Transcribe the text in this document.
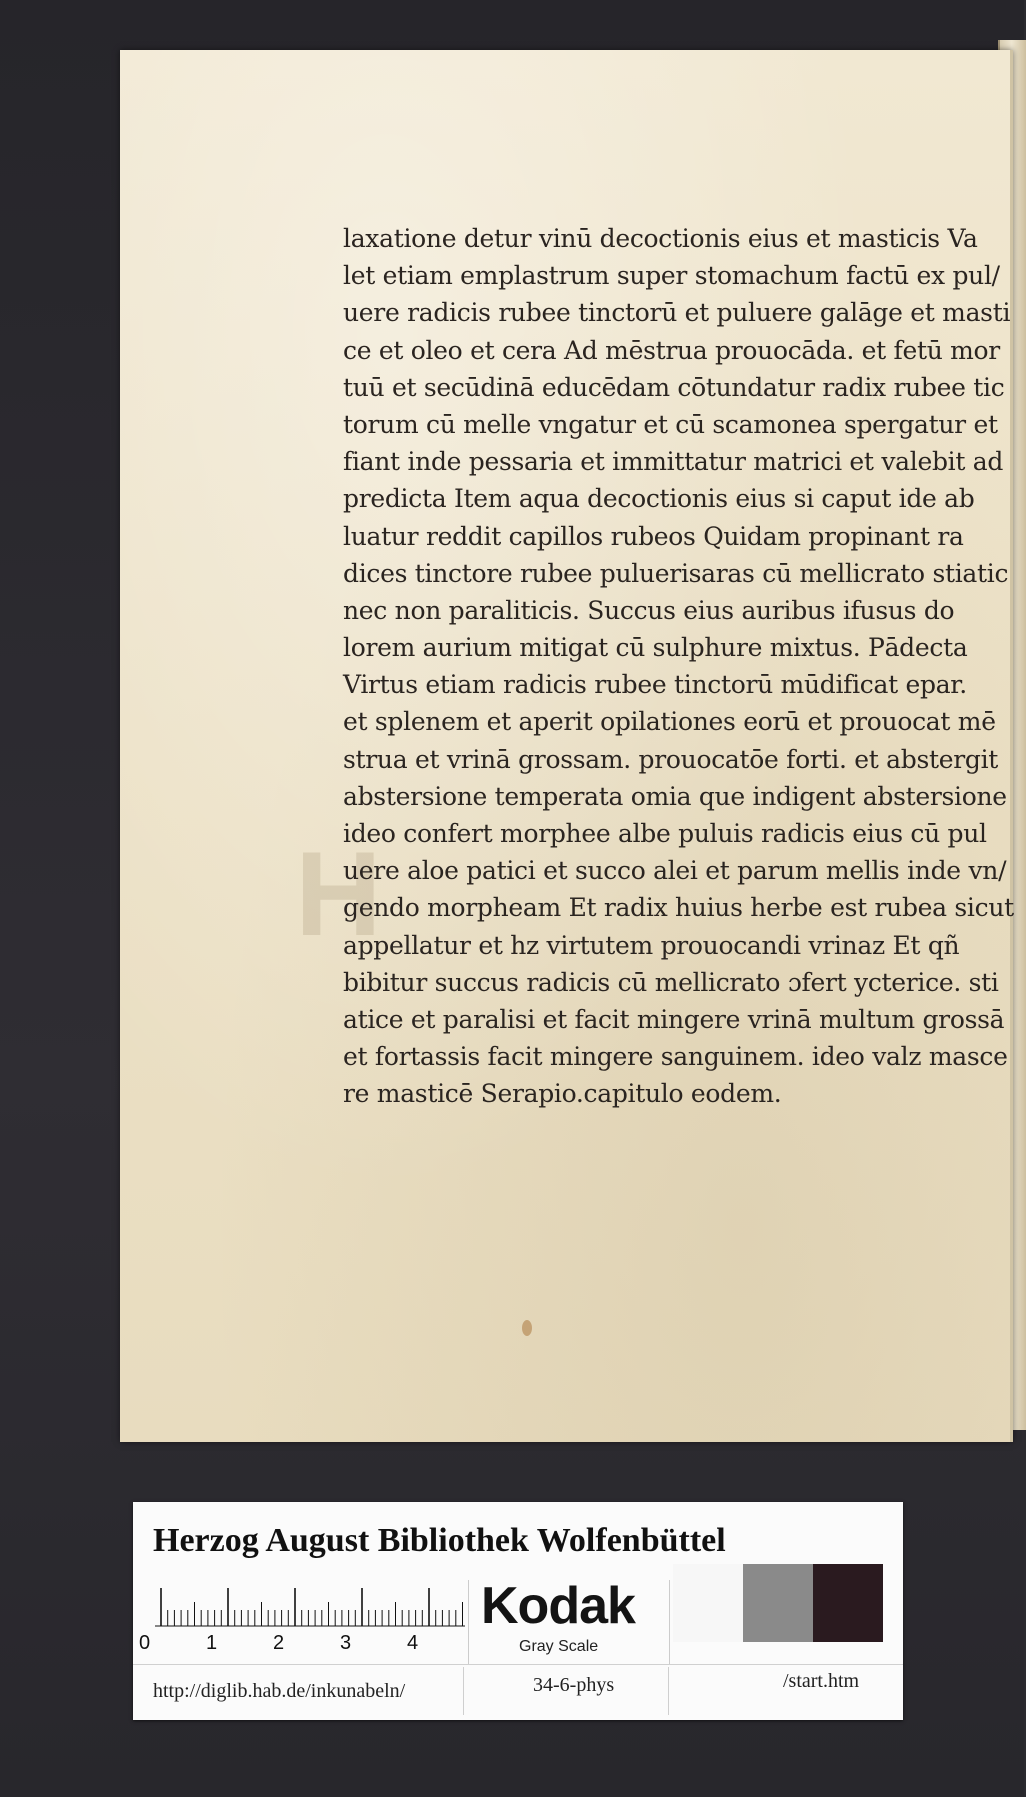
H
laxatione detur vinū decoctionis eius et masticis Va
let etiam emplastrum super stomachum factū ex pul/
uere radicis rubee tinctorū et puluere galāge et masti
ce et oleo et cera Ad mēstrua prouocāda. et fetū mor
tuū et secūdinā educēdam cōtundatur radix rubee tic
torum cū melle vngatur et cū scamonea spergatur et
fiant inde pessaria et immittatur matrici et valebit ad
predicta Item aqua decoctionis eius si caput ide ab
luatur reddit capillos rubeos Quidam propinant ra
dices tinctore rubee puluerisaras cū mellicrato stiatic
nec non paraliticis. Succus eius auribus ifusus do
lorem aurium mitigat cū sulphure mixtus. Pādecta
Virtus etiam radicis rubee tinctorū mūdificat epar.
et splenem et aperit opilationes eorū et prouocat mē
strua et vrinā grossam. prouocatōe forti. et abstergit
abstersione temperata omia que indigent abstersione
ideo confert morphee albe puluis radicis eius cū pul
uere aloe patici et succo alei et parum mellis inde vn/
gendo morpheam Et radix huius herbe est rubea sicut
appellatur et hz virtutem prouocandi vrinaz Et qñ
bibitur succus radicis cū mellicrato ɔfert ycterice. sti
atice et paralisi et facit mingere vrinā multum grossā
et fortassis facit mingere sanguinem. ideo valz masce
re masticē Serapio.capitulo eodem.
Herzog August Bibliothek Wolfenbüttel
0	1	2	3	4
Kodak
Gray Scale
http://diglib.hab.de/inkunabeln/	34-6-phys	/start.htm
